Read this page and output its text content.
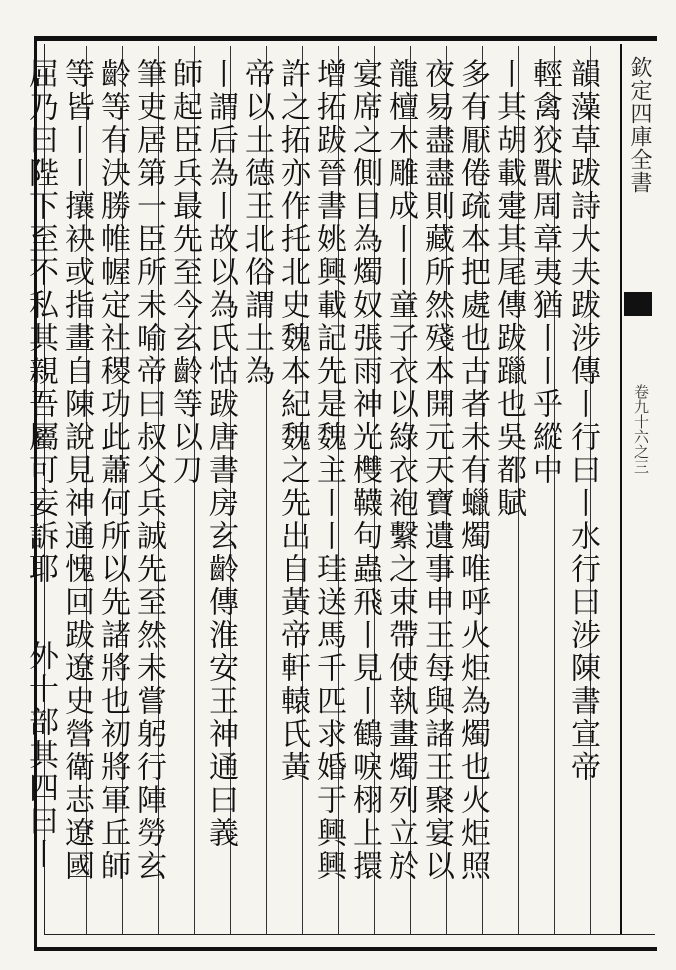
欽定四庫全書
卷九十六之三
韻藻草跋詩大夫跋涉傳丨行曰丨水行曰涉陳書宣帝
輕禽狡獸周章夷猶丨丨乎縱中
丨其胡載疐其尾傳跋躐也吳都賦
多有厭倦疏本把處也古者未有蠟燭唯呼火炬為燭也火炬照
夜易盡盡則藏所然殘本開元天寶遺事申王每與諸王聚宴以
龍檀木雕成丨丨童子衣以綠衣袍繫之束帶使執畫燭列立於
宴席之側目為燭奴張雨神光欆韈句蟲飛丨見丨鶴唳栩上擐
增拓跋晉書姚興載記先是魏主丨丨珪送馬千匹求婚于興興
許之拓亦作托北史魏本紀魏之先出自黃帝軒轅氏黃
帝以土德王北俗謂土為
丨謂后為丨故以為氏怙跋唐書房玄齡傳淮安王神通曰義
師起臣兵最先至今玄齡等以刀
筆吏居第一臣所未喻帝曰叔父兵誠先至然未嘗躬行陣勞玄
齡等有決勝帷幄定社稷功此蕭何所以先諸將也初將軍丘師
等皆丨丨攘袂或指畫自陳說見神通愧回跋遼史營衛志遼國
外十部其四曰丨
屈乃曰陛下至不私其親吾屬可妄訴耶
